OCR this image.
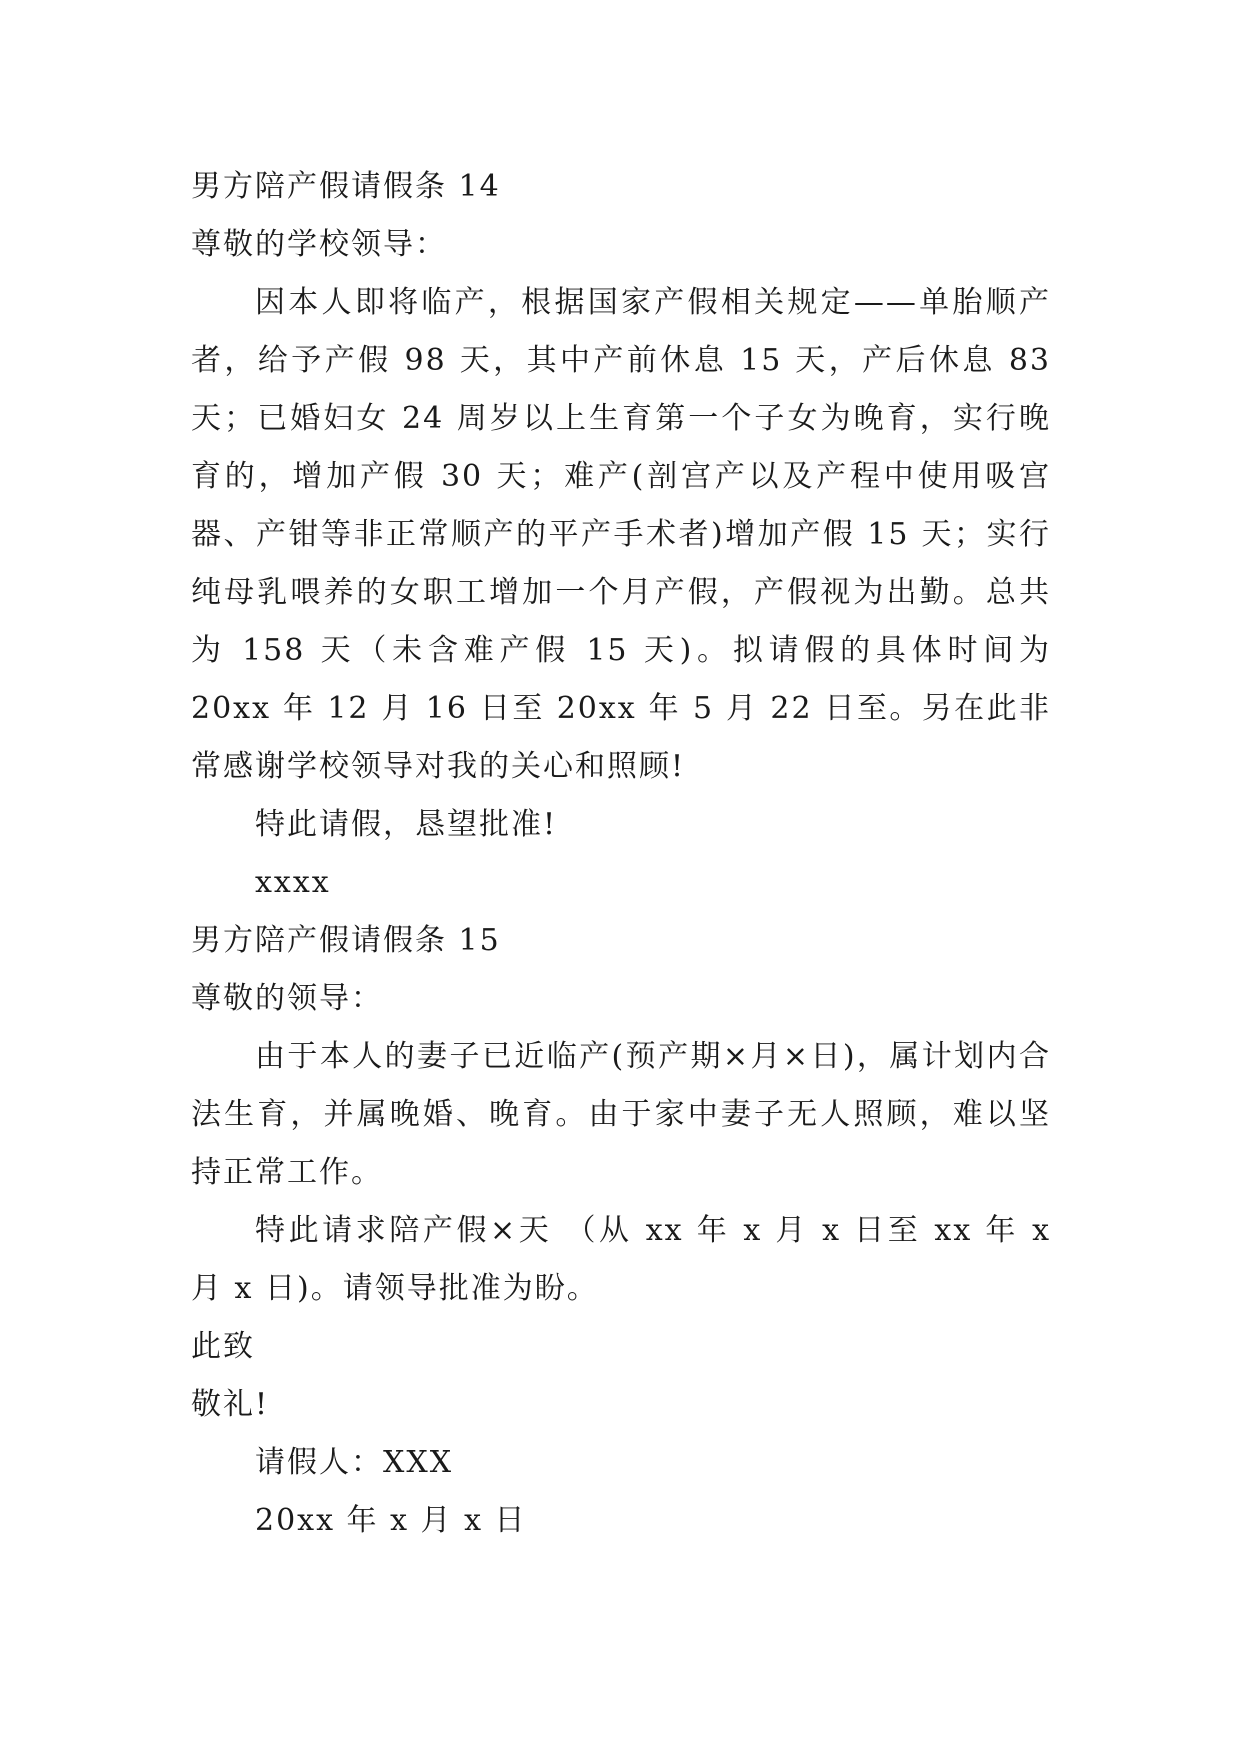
男方陪产假请假条 14

尊敬的学校领导：

因本人即将临产，根据国家产假相关规定——单胎顺产者，给予产假 98 天，其中产前休息 15 天，产后休息 83 天；已婚妇女 24 周岁以上生育第一个子女为晚育，实行晚育的，增加产假 30 天；难产(剖宫产以及产程中使用吸宫器、产钳等非正常顺产的平产手术者)增加产假 15 天；实行纯母乳喂养的女职工增加一个月产假，产假视为出勤。总共为 158 天（未含难产假 15 天)。拟请假的具体时间为 20xx 年 12 月 16 日至 20xx 年 5 月 22 日至。另在此非常感谢学校领导对我的关心和照顾!

特此请假，恳望批准!

xxxx

男方陪产假请假条 15

尊敬的领导：

由于本人的妻子已近临产(预产期×月×日)，属计划内合法生育，并属晚婚、晚育。由于家中妻子无人照顾，难以坚持正常工作。

特此请求陪产假×天 （从 xx 年 x 月 x 日至 xx 年 x 月 x 日)。请领导批准为盼。

此致

敬礼!

请假人：XXX

20xx 年 x 月 x 日
